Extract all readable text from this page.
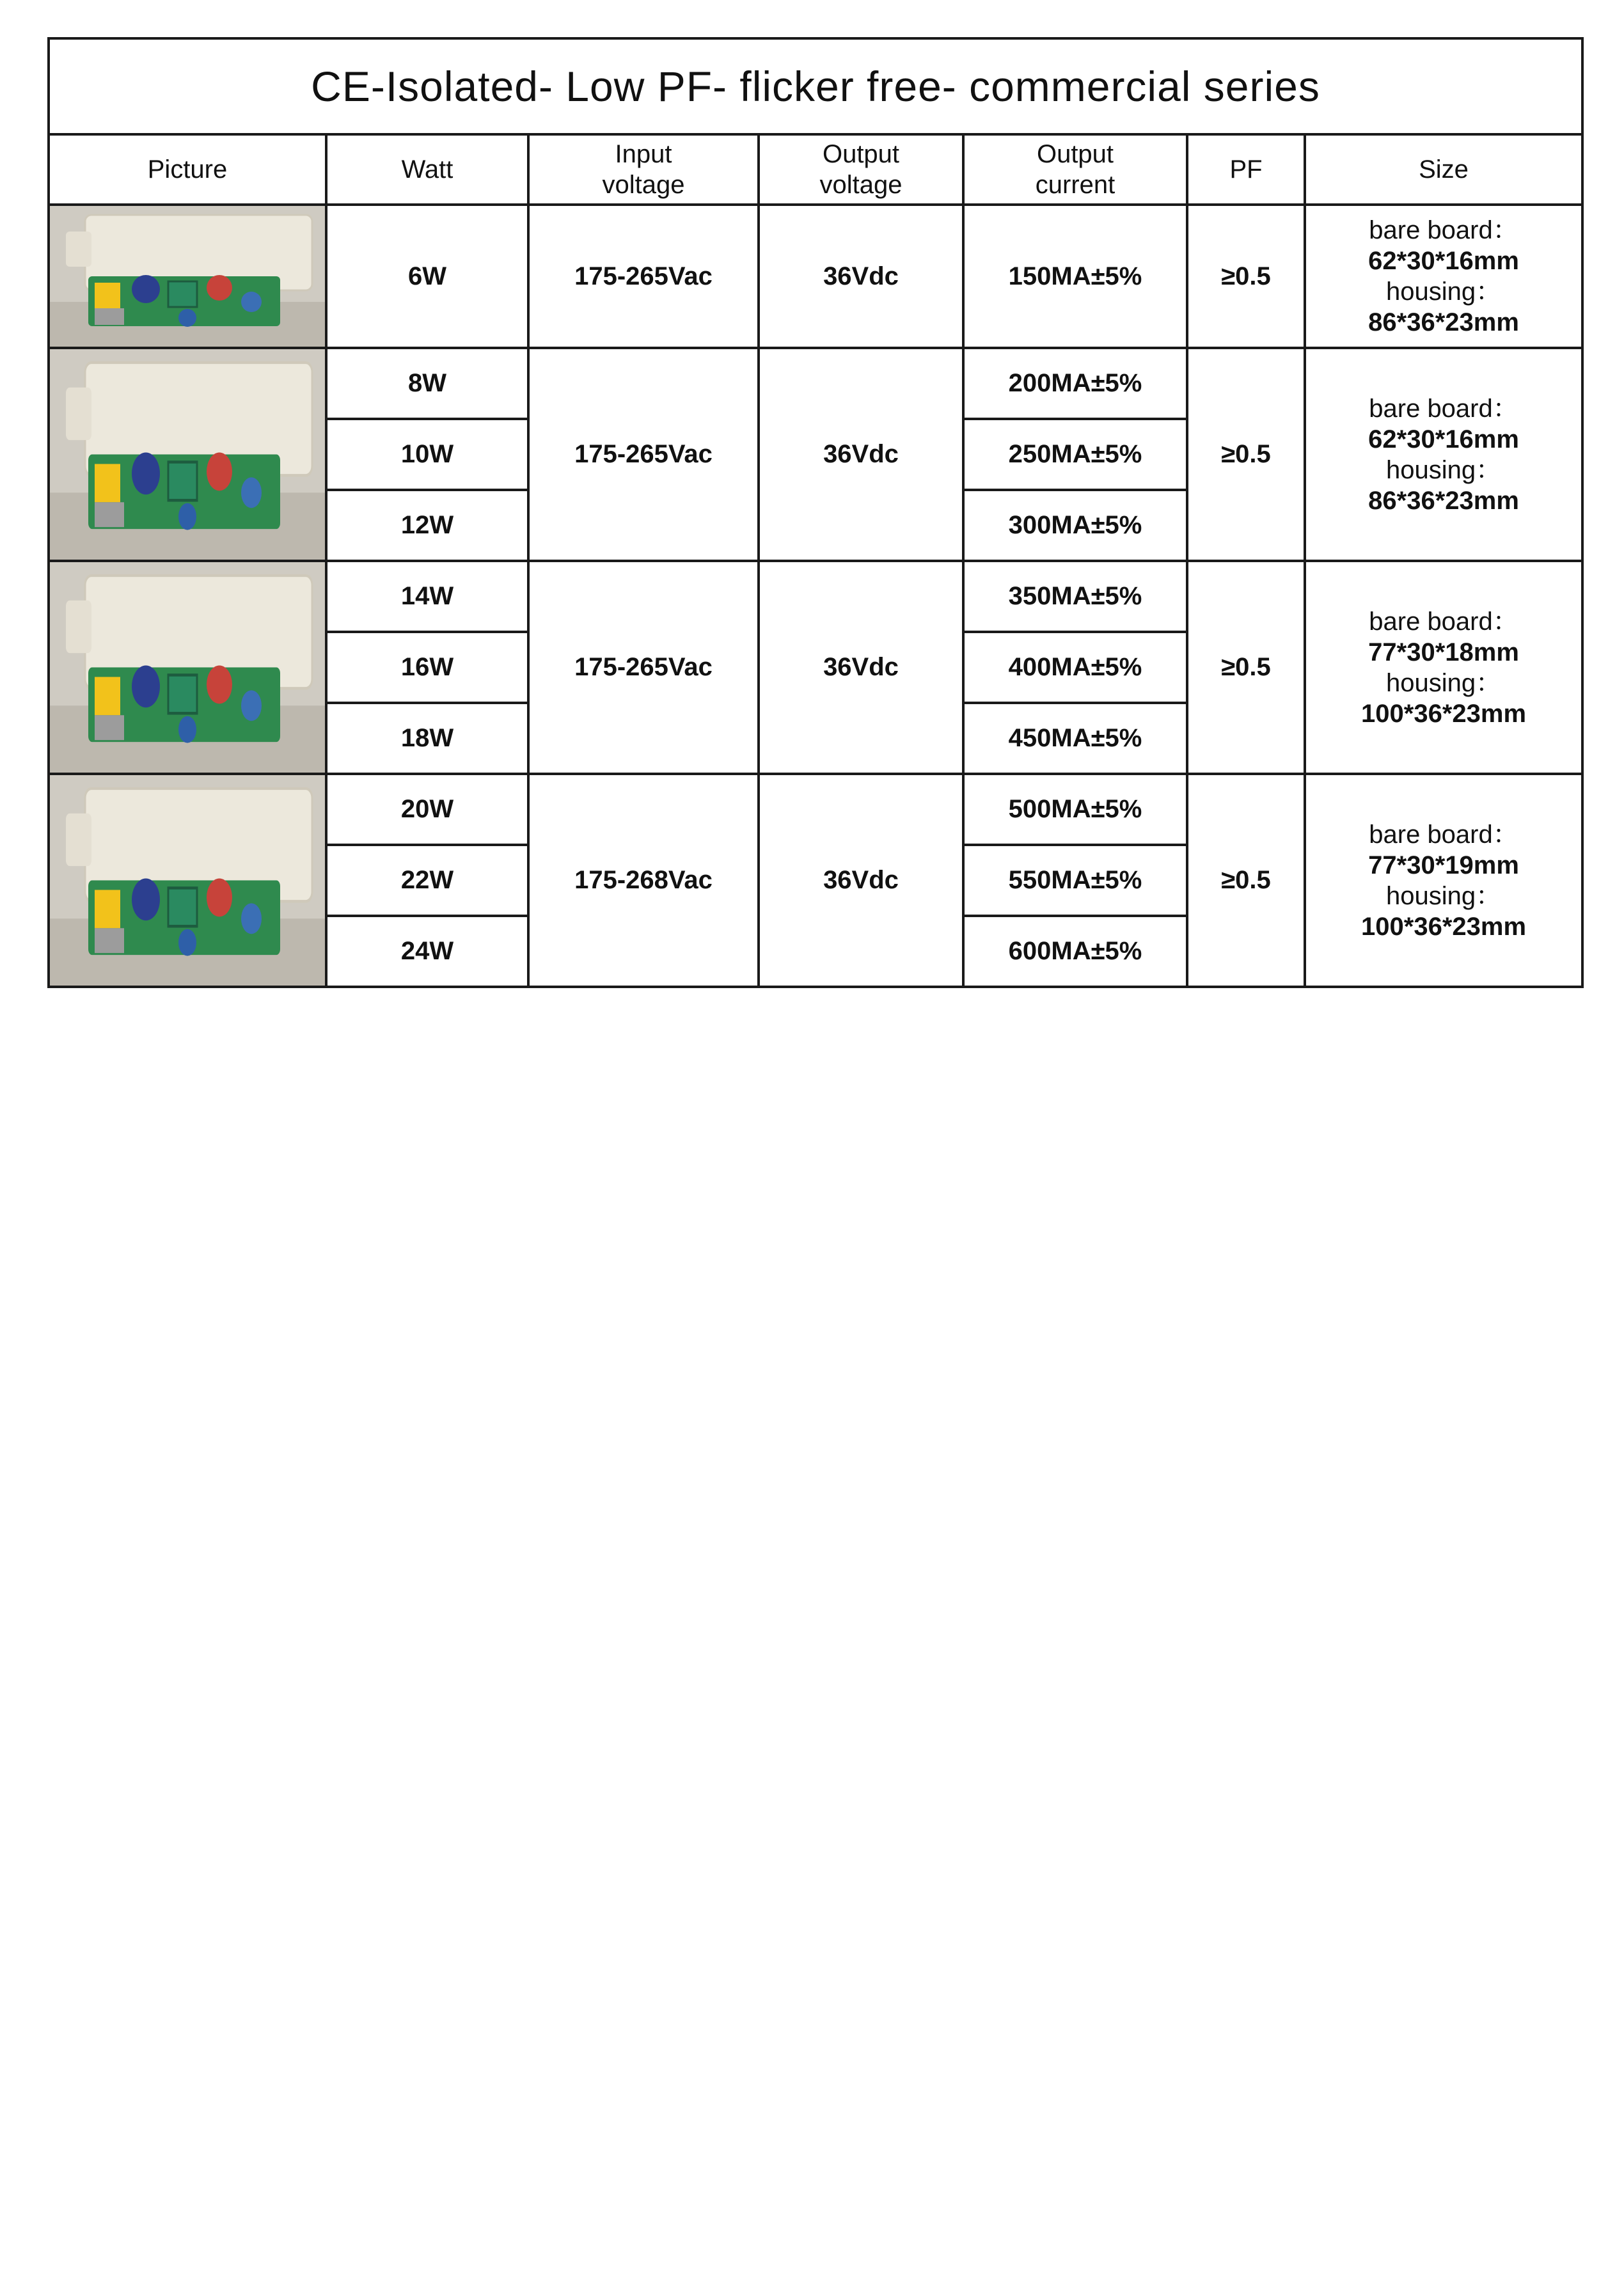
CE-Isolated- Low PF- flicker free- commercial series						
Picture	Watt	Input voltage	Output voltage	Output current	PF	Size

	6W	175-265Vac	36Vdc	150MA±5%	≥0.5	bare board：
62*30*16mm
housing：
86*36*23mm

	8W	175-265Vac	36Vdc	200MA±5%	≥0.5	bare board：
62*30*16mm
housing：
86*36*23mm

	10W			250MA±5%		
	12W			300MA±5%		

	14W	175-265Vac	36Vdc	350MA±5%	≥0.5	bare board：
77*30*18mm
housing：
100*36*23mm

	16W			400MA±5%		
	18W			450MA±5%		

	20W	175-268Vac	36Vdc	500MA±5%	≥0.5	bare board：
77*30*19mm
housing：
100*36*23mm

	22W			550MA±5%		
	24W			600MA±5%		
